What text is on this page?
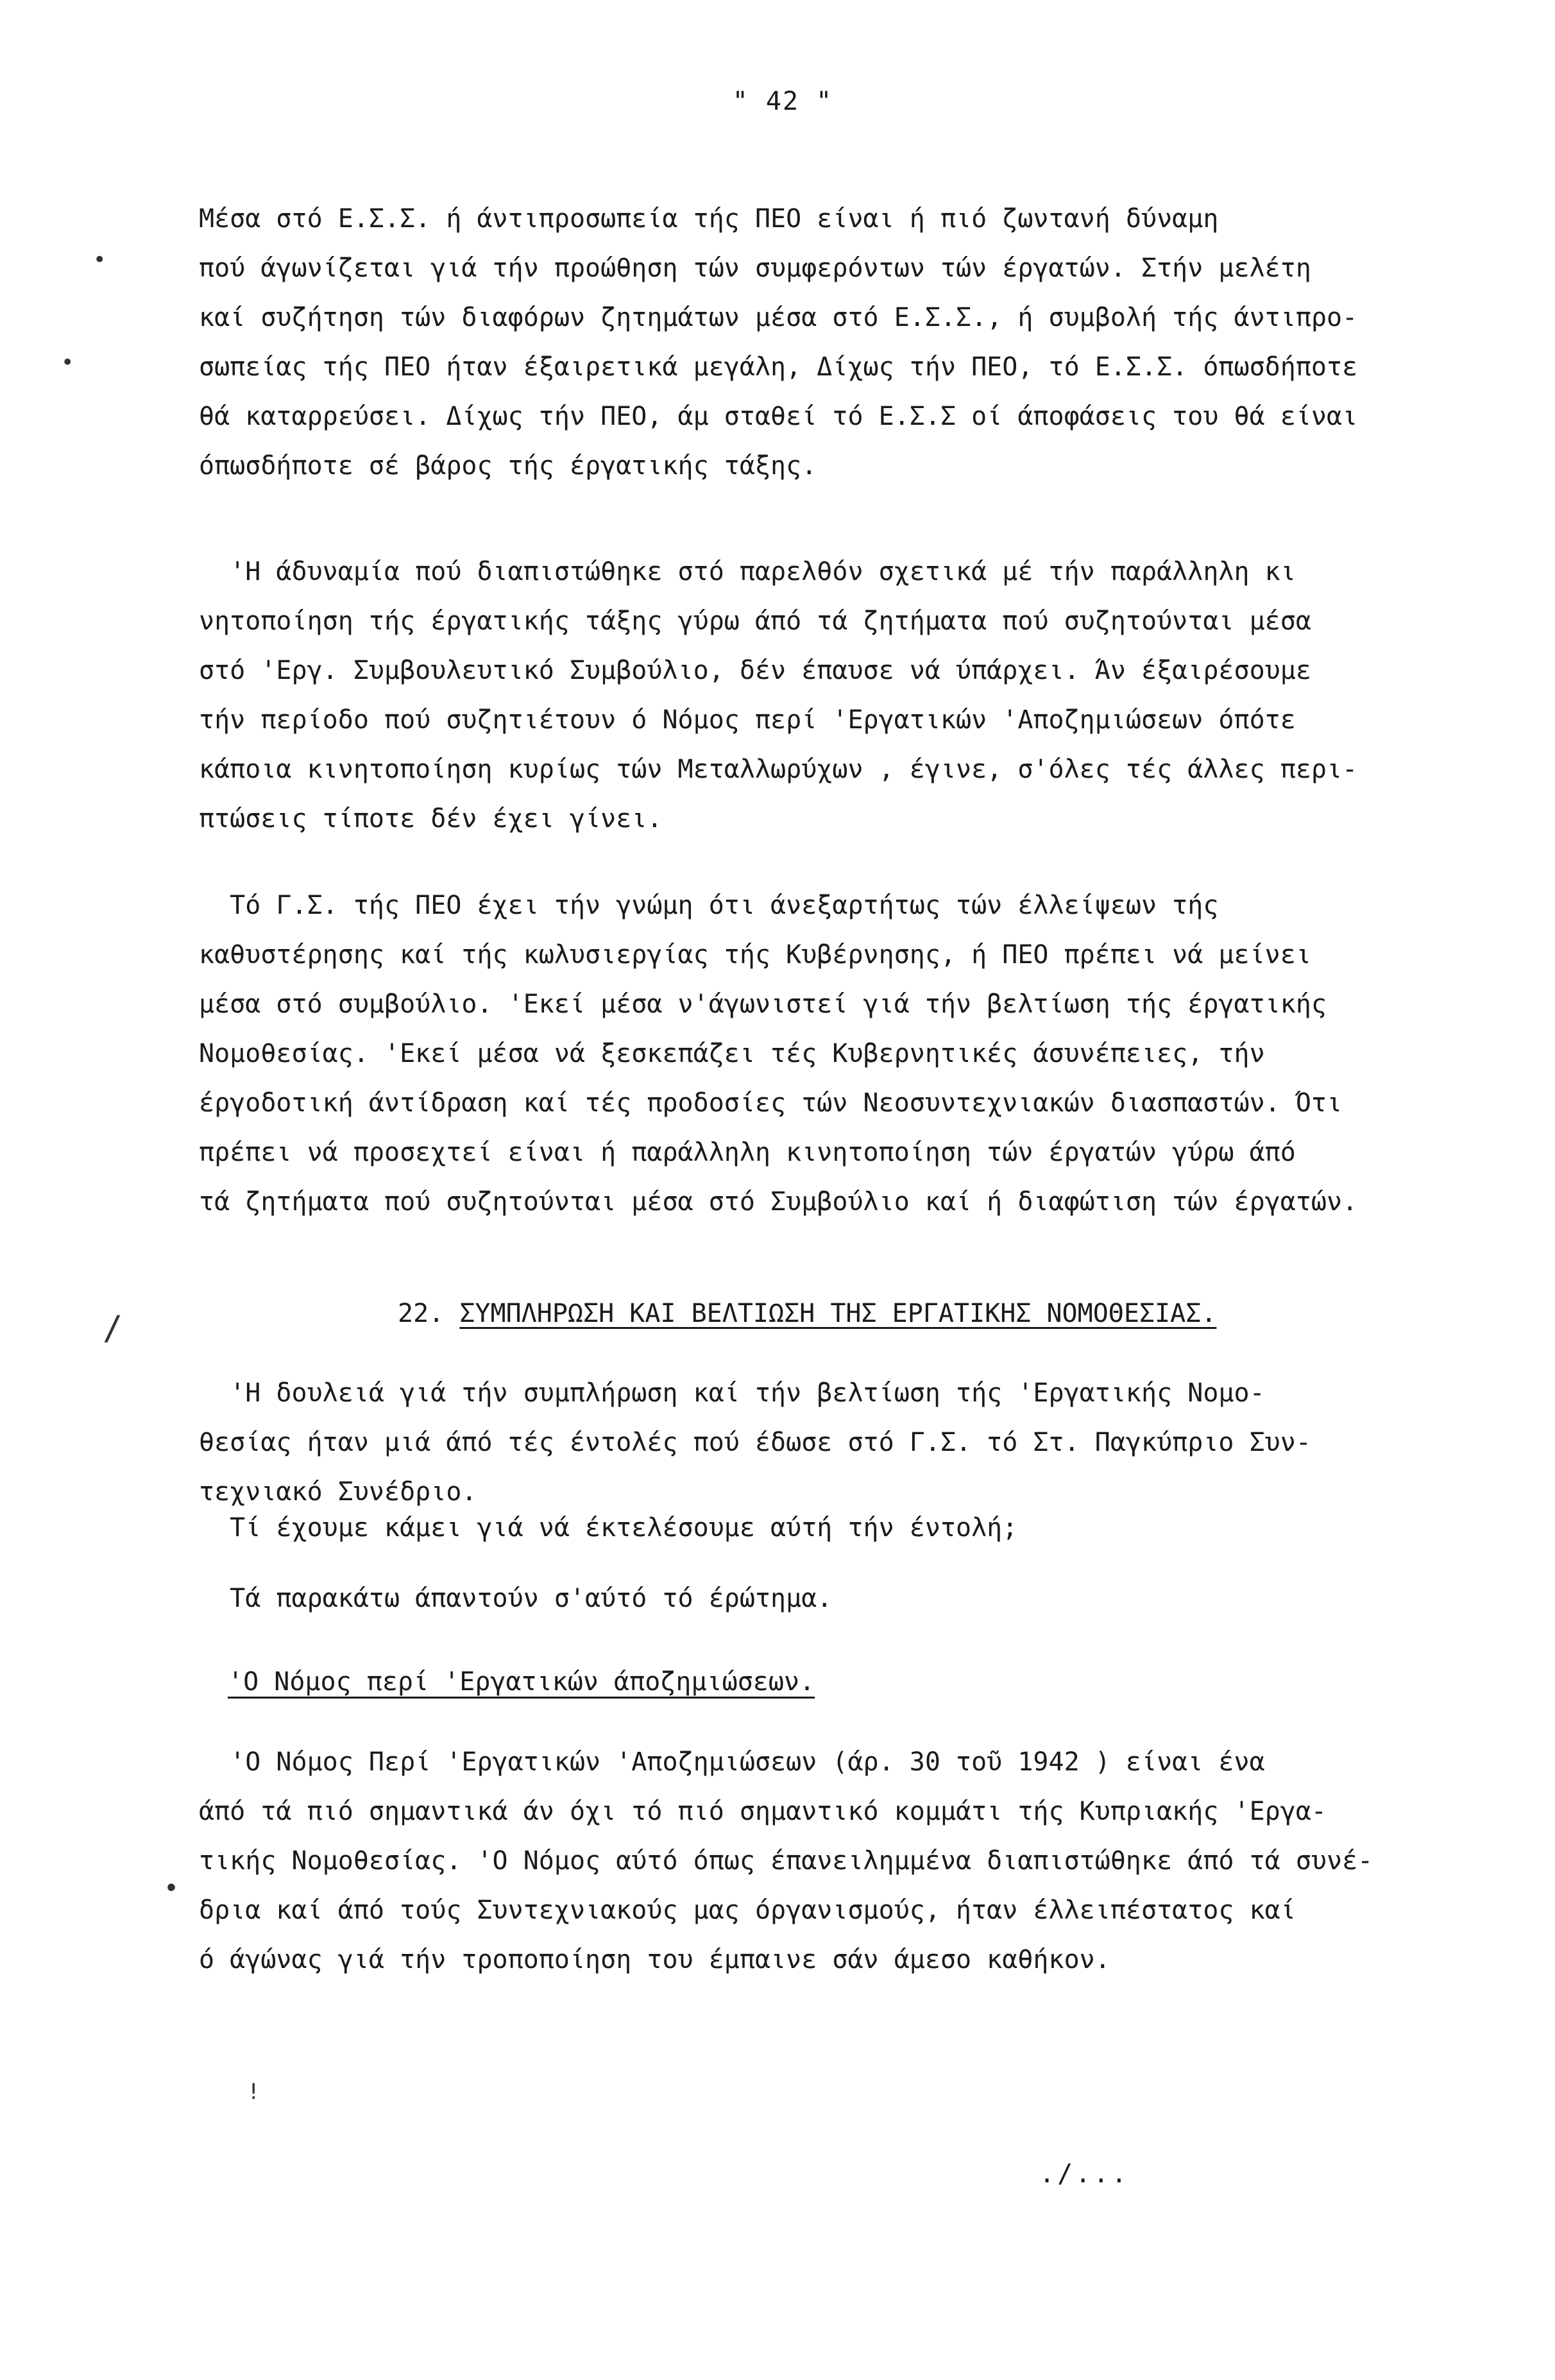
" 42 "
Μέσα στό Ε.Σ.Σ. ή άντιπροσωπεία τής ΠΕΟ είναι ή πιό ζωντανή δύναμη
πού άγωνίζεται γιά τήν προώθηση τών συμφερόντων τών έργατών. Στήν μελέτη
καί συζήτηση τών διαφόρων ζητημάτων μέσα στό Ε.Σ.Σ., ή συμβολή τής άντιπρο-
σωπείας τής ΠΕΟ ήταν έξαιρετικά μεγάλη, Δίχως τήν ΠΕΟ, τό Ε.Σ.Σ. όπωσδήποτε
θά καταρρεύσει. Δίχως τήν ΠΕΟ, άμ σταθεί τό Ε.Σ.Σ οί άποφάσεις του θά είναι
όπωσδήποτε σέ βάρος τής έργατικής τάξης.
'Η άδυναμία πού διαπιστώθηκε στό παρελθόν σχετικά μέ τήν παράλληλη κι
νητοποίηση τής έργατικής τάξης γύρω άπό τά ζητήματα πού συζητούνται μέσα
στό 'Εργ. Συμβουλευτικό Συμβούλιο, δέν έπαυσε νά ύπάρχει. Άν έξαιρέσουμε
τήν περίοδο πού συζητιέτουν ό Νόμος περί 'Εργατικών 'Αποζημιώσεων όπότε
κάποια κινητοποίηση κυρίως τών Μεταλλωρύχων , έγινε, σ'όλες τές άλλες περι-
πτώσεις τίποτε δέν έχει γίνει.
Τό Γ.Σ. τής ΠΕΟ έχει τήν γνώμη ότι άνεξαρτήτως τών έλλείψεων τής
καθυστέρησης καί τής κωλυσιεργίας τής Κυβέρνησης, ή ΠΕΟ πρέπει νά μείνει
μέσα στό συμβούλιο. 'Εκεί μέσα ν'άγωνιστεί γιά τήν βελτίωση τής έργατικής
Νομοθεσίας. 'Εκεί μέσα νά ξεσκεπάζει τές Κυβερνητικές άσυνέπειες, τήν
έργοδοτική άντίδραση καί τές προδοσίες τών Νεοσυντεχνιακών διασπαστών. Ότι
πρέπει νά προσεχτεί είναι ή παράλληλη κινητοποίηση τών έργατών γύρω άπό
τά ζητήματα πού συζητούνται μέσα στό Συμβούλιο καί ή διαφώτιση τών έργατών.
'Η δουλειά γιά τήν συμπλήρωση καί τήν βελτίωση τής 'Εργατικής Νομο-
θεσίας ήταν μιά άπό τές έντολές πού έδωσε στό Γ.Σ. τό Στ. Παγκύπριο Συν-
τεχνιακό Συνέδριο.
Τί έχουμε κάμει γιά νά έκτελέσουμε αύτή τήν έντολή;
Τά παρακάτω άπαντούν σ'αύτό τό έρώτημα.
'Ο Νόμος Περί 'Εργατικών 'Αποζημιώσεων (άρ. 30 τοῦ 1942 ) είναι ένα
άπό τά πιό σημαντικά άν όχι τό πιό σημαντικό κομμάτι τής Κυπριακής 'Εργα-
τικής Νομοθεσίας. 'Ο Νόμος αύτό όπως έπανειλημμένα διαπιστώθηκε άπό τά συνέ-
δρια καί άπό τούς Συντεχνιακούς μας όργανισμούς, ήταν έλλειπέστατος καί
ό άγώνας γιά τήν τροποποίηση του έμπαινε σάν άμεσο καθήκον.
22. ΣΥΜΠΛΗΡΩΣΗ ΚΑΙ ΒΕΛΤΙΩΣΗ ΤΗΣ ΕΡΓΑΤΙΚΗΣ ΝΟΜΟΘΕΣΙΑΣ.
'Ο Νόμος περί 'Εργατικών άποζημιώσεων.
./...
•
•
/
•
!
